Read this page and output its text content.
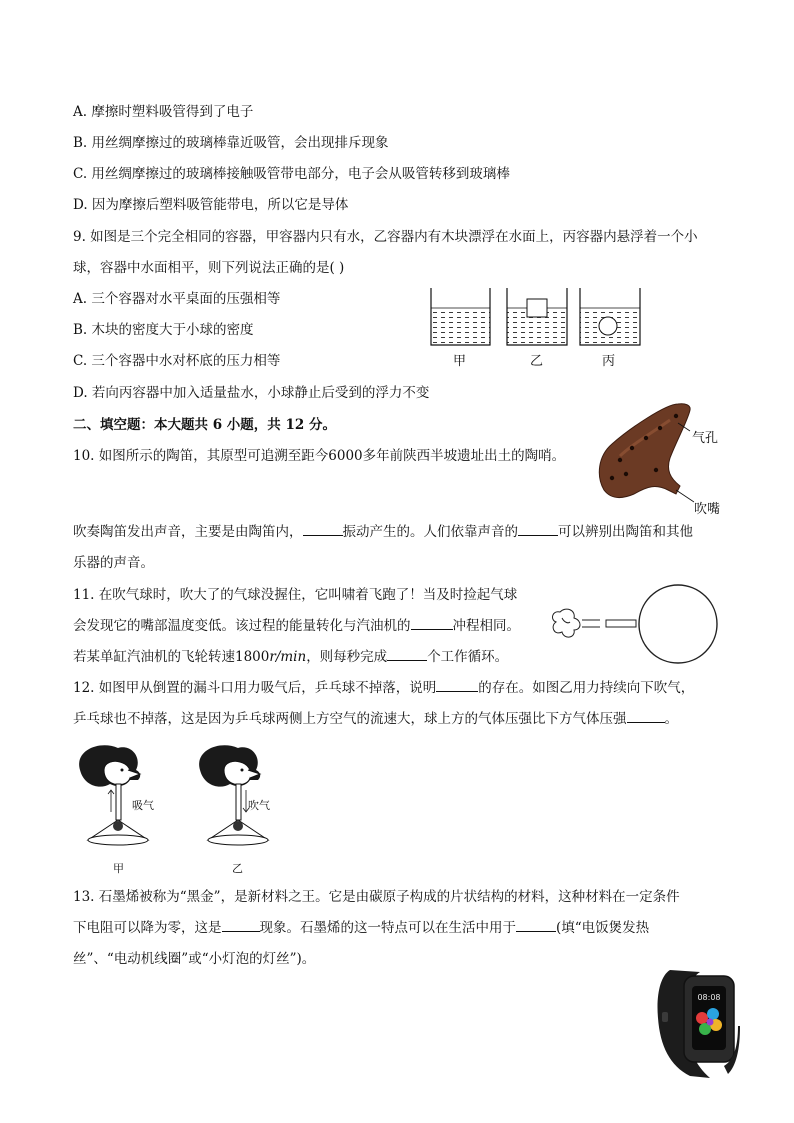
A. 摩擦时塑料吸管得到了电子
B. 用丝绸摩擦过的玻璃棒靠近吸管，会出现排斥现象
C. 用丝绸摩擦过的玻璃棒接触吸管带电部分，电子会从吸管转移到玻璃棒
D. 因为摩擦后塑料吸管能带电，所以它是导体
9. 如图是三个完全相同的容器，甲容器内只有水，乙容器内有木块漂浮在水面上，丙容器内悬浮着一个小
球，容器中水面相平，则下列说法正确的是( )
A. 三个容器对水平桌面的压强相等
B. 木块的密度大于小球的密度
C. 三个容器中水对杯底的压力相等
D. 若向丙容器中加入适量盐水，小球静止后受到的浮力不变
甲	乙	丙
二、填空题：本大题共 6 小题，共 12 分。
10. 如图所示的陶笛，其原型可追溯至距今6000多年前陕西半坡遗址出土的陶哨。
气孔
吹嘴
吹奏陶笛发出声音，主要是由陶笛内，	振动产生的。人们依靠声音的	可以辨别出陶笛和其他
乐器的声音。
11. 在吹气球时，吹大了的气球没握住，它叫啸着飞跑了！当及时捡起气球
会发现它的嘴部温度变低。该过程的能量转化与汽油机的	冲程相同。
若某单缸汽油机的飞轮转速1800r/min，则每秒完成	个工作循环。
12. 如图甲从倒置的漏斗口用力吸气后，乒乓球不掉落，说明	的存在。如图乙用力持续向下吹气，
乒乓球也不掉落，这是因为乒乓球两侧上方空气的流速大，球上方的气体压强比下方气体压强	。
吸气	吹气
甲	乙
13. 石墨烯被称为“黑金”，是新材料之王。它是由碳原子构成的片状结构的材料，这种材料在一定条件
下电阻可以降为零，这是	现象。石墨烯的这一特点可以在生活中用于	(填“电饭煲发热
丝”、“电动机线圈”或“小灯泡的灯丝”)。
08:08
